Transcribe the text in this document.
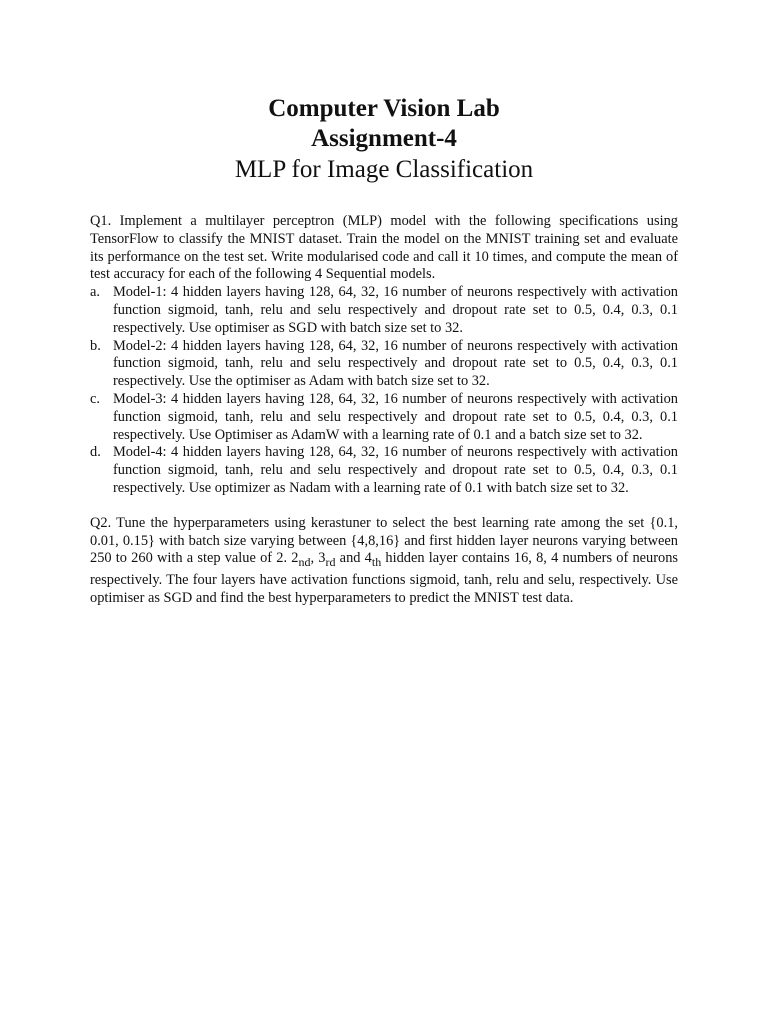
Computer Vision Lab
Assignment-4
MLP for Image Classification

Q1. Implement a multilayer perceptron (MLP) model with the following specifications using TensorFlow to classify the MNIST dataset. Train the model on the MNIST training set and evaluate its performance on the test set. Write modularised code and call it 10 times, and compute the mean of test accuracy for each of the following 4 Sequential models.

a. Model-1: 4 hidden layers having 128, 64, 32, 16 number of neurons respectively with activation function sigmoid, tanh, relu and selu respectively and dropout rate set to 0.5, 0.4, 0.3, 0.1 respectively. Use optimiser as SGD with batch size set to 32.
b. Model-2: 4 hidden layers having 128, 64, 32, 16 number of neurons respectively with activation function sigmoid, tanh, relu and selu respectively and dropout rate set to 0.5, 0.4, 0.3, 0.1 respectively. Use the optimiser as Adam with batch size set to 32.
c. Model-3: 4 hidden layers having 128, 64, 32, 16 number of neurons respectively with activation function sigmoid, tanh, relu and selu respectively and dropout rate set to 0.5, 0.4, 0.3, 0.1 respectively. Use Optimiser as AdamW with a learning rate of 0.1 and a batch size set to 32.
d. Model-4: 4 hidden layers having 128, 64, 32, 16 number of neurons respectively with activation function sigmoid, tanh, relu and selu respectively and dropout rate set to 0.5, 0.4, 0.3, 0.1 respectively. Use optimizer as Nadam with a learning rate of 0.1 with batch size set to 32.

Q2. Tune the hyperparameters using kerastuner to select the best learning rate among the set {0.1, 0.01, 0.15} with batch size varying between {4,8,16} and first hidden layer neurons varying between 250 to 260 with a step value of 2. $2_{nd}$, $3_{rd}$ and $4_{th}$ hidden layer contains 16, 8, 4 numbers of neurons respectively. The four layers have activation functions sigmoid, tanh, relu and selu, respectively. Use optimiser as SGD and find the best hyperparameters to predict the MNIST test data.
